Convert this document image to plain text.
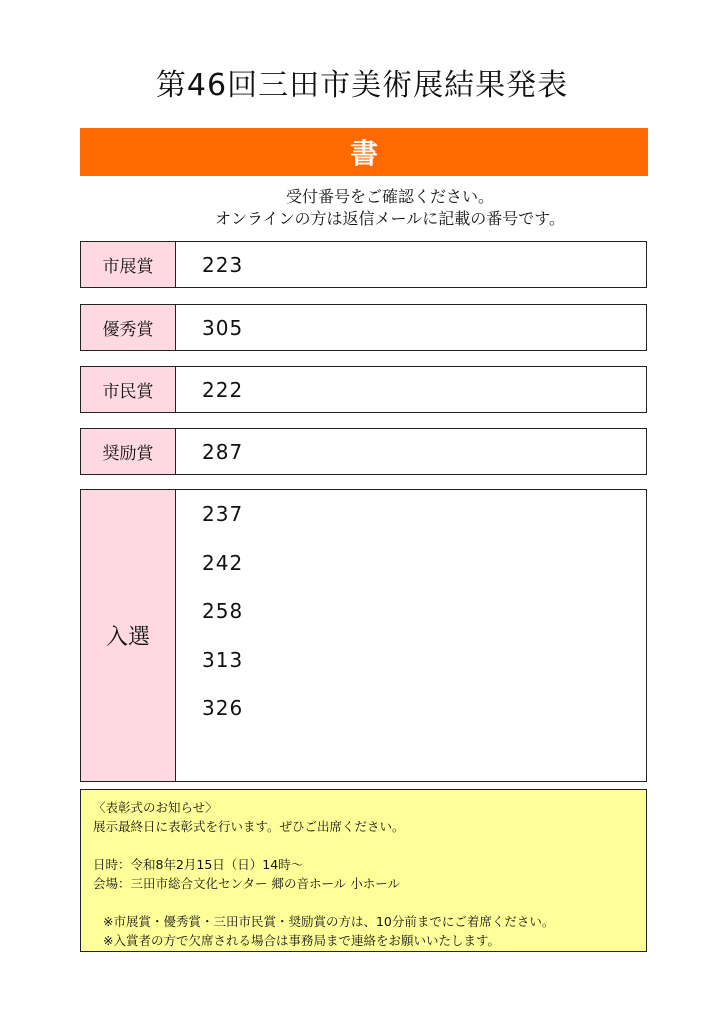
第46回三田市美術展結果発表
書
受付番号をご確認ください。
オンラインの方は返信メールに記載の番号です。
市展賞	223
優秀賞	305
市民賞	222
奨励賞	287
入選
237
242
258
313
326

〈表彰式のお知らせ〉

展示最終日に表彰式を行います。ぜひご出席ください。

日時：令和8年2月15日（日）14時～

会場：三田市総合文化センター 郷の音ホール 小ホール

※市展賞・優秀賞・三田市民賞・奨励賞の方は、10分前までにご着席ください。

※入賞者の方で欠席される場合は事務局まで連絡をお願いいたします。
